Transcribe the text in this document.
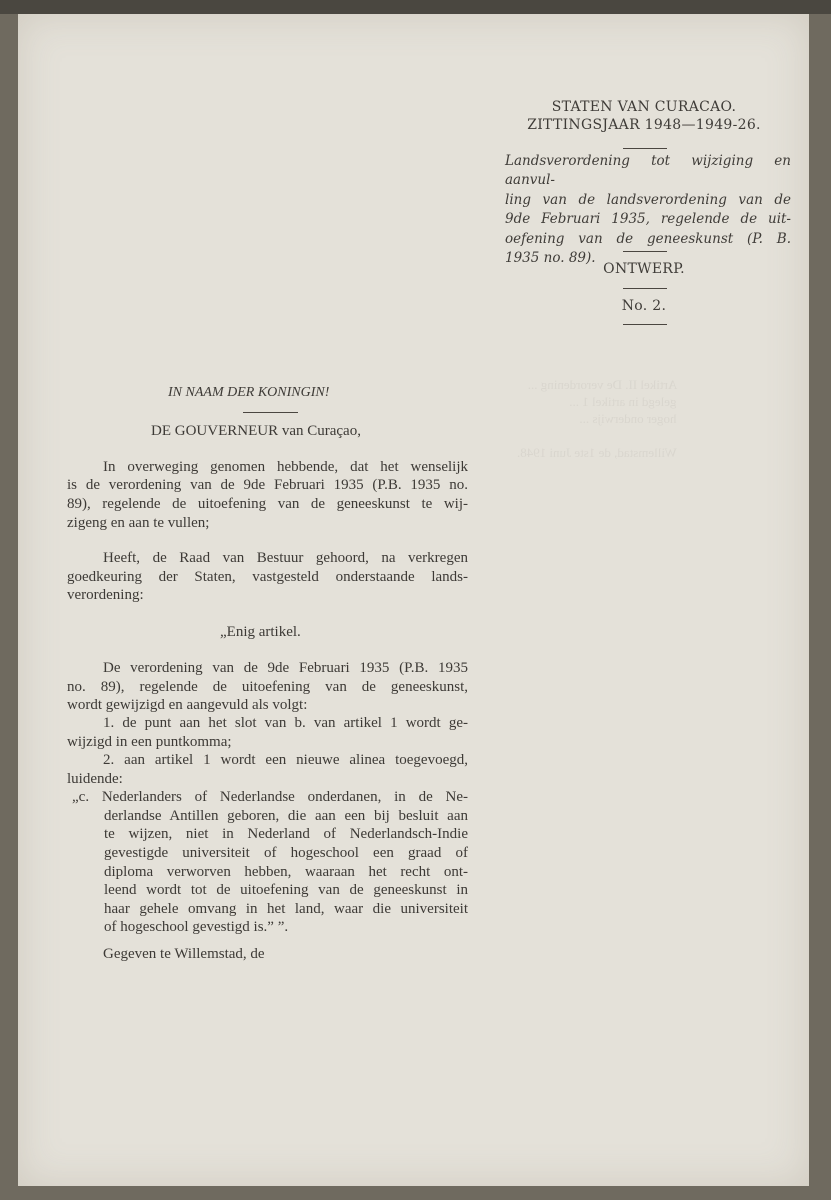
Artikel II. De verordening ...
gelegd in artikel 1 ...
hoger onderwijs ...

Willemstad, de 1ste Juni 1948.
STATEN VAN CURACAO.
ZITTINGSJAAR 1948—1949-26.
Landsverordening tot wijziging en aanvul-
ling van de landsverordening van de
9de Februari 1935, regelende de uit-
oefening van de geneeskunst (P. B.
1935 no. 89).
ONTWERP.
No. 2.
IN NAAM DER KONINGIN!
DE GOUVERNEUR van Curaçao,
In overweging genomen hebbende, dat het wenselijk
is de verordening van de 9de Februari 1935 (P.B. 1935 no.
89), regelende de uitoefening van de geneeskunst te wij-
zigeng en aan te vullen;
Heeft, de Raad van Bestuur gehoord, na verkregen
goedkeuring der Staten, vastgesteld onderstaande lands-
verordening:
„Enig artikel.
De verordening van de 9de Februari 1935 (P.B. 1935
no. 89), regelende de uitoefening van de geneeskunst,
wordt gewijzigd en aangevuld als volgt:
1. de punt aan het slot van b. van artikel 1 wordt ge-
wijzigd in een puntkomma;
2. aan artikel 1 wordt een nieuwe alinea toegevoegd,
luidende:
„c. Nederlanders of Nederlandse onderdanen, in de Ne-
derlandse Antillen geboren, die aan een bij besluit aan
te wijzen, niet in Nederland of Nederlandsch-Indie
gevestigde universiteit of hogeschool een graad of
diploma verworven hebben, waaraan het recht ont-
leend wordt tot de uitoefening van de geneeskunst in
haar gehele omvang in het land, waar die universiteit
of hogeschool gevestigd is.” ”.
Gegeven te Willemstad, de
